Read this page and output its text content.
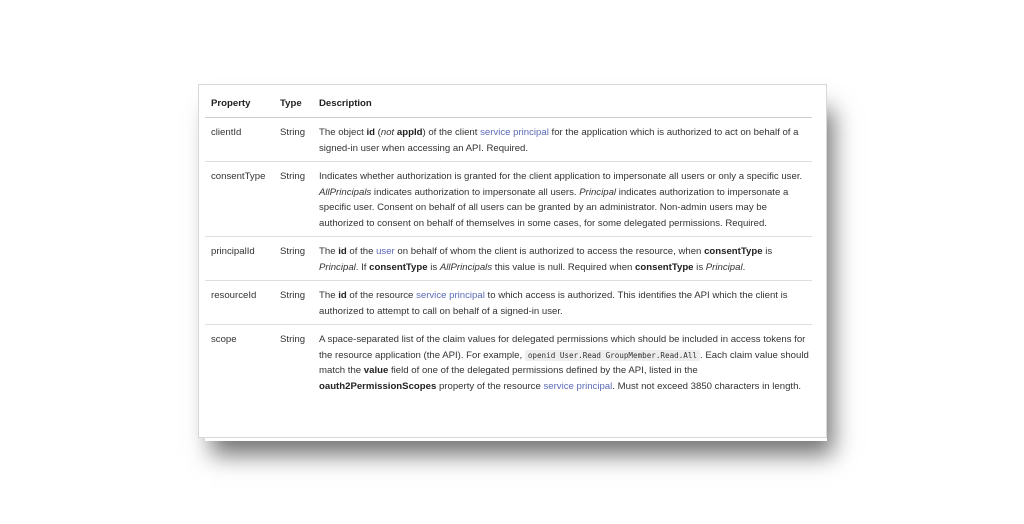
Property	Type	Description
clientId	String	The object id (not appId) of the client service principal for the application which is authorized to act on behalf of a signed-in user when accessing an API. Required.
consentType	String	Indicates whether authorization is granted for the client application to impersonate all users or only a specific user. AllPrincipals indicates authorization to impersonate all users. Principal indicates authorization to impersonate a specific user. Consent on behalf of all users can be granted by an administrator. Non-admin users may be authorized to consent on behalf of themselves in some cases, for some delegated permissions. Required.
principalId	String	The id of the user on behalf of whom the client is authorized to access the resource, when consentType is Principal. If consentType is AllPrincipals this value is null. Required when consentType is Principal.
resourceId	String	The id of the resource service principal to which access is authorized. This identifies the API which the client is authorized to attempt to call on behalf of a signed-in user.
scope	String	A space-separated list of the claim values for delegated permissions which should be included in access tokens for the resource application (the API). For example, openid User.Read GroupMember.Read.All . Each claim value should match the value field of one of the delegated permissions defined by the API, listed in the oauth2PermissionScopes property of the resource service principal. Must not exceed 3850 characters in length.
